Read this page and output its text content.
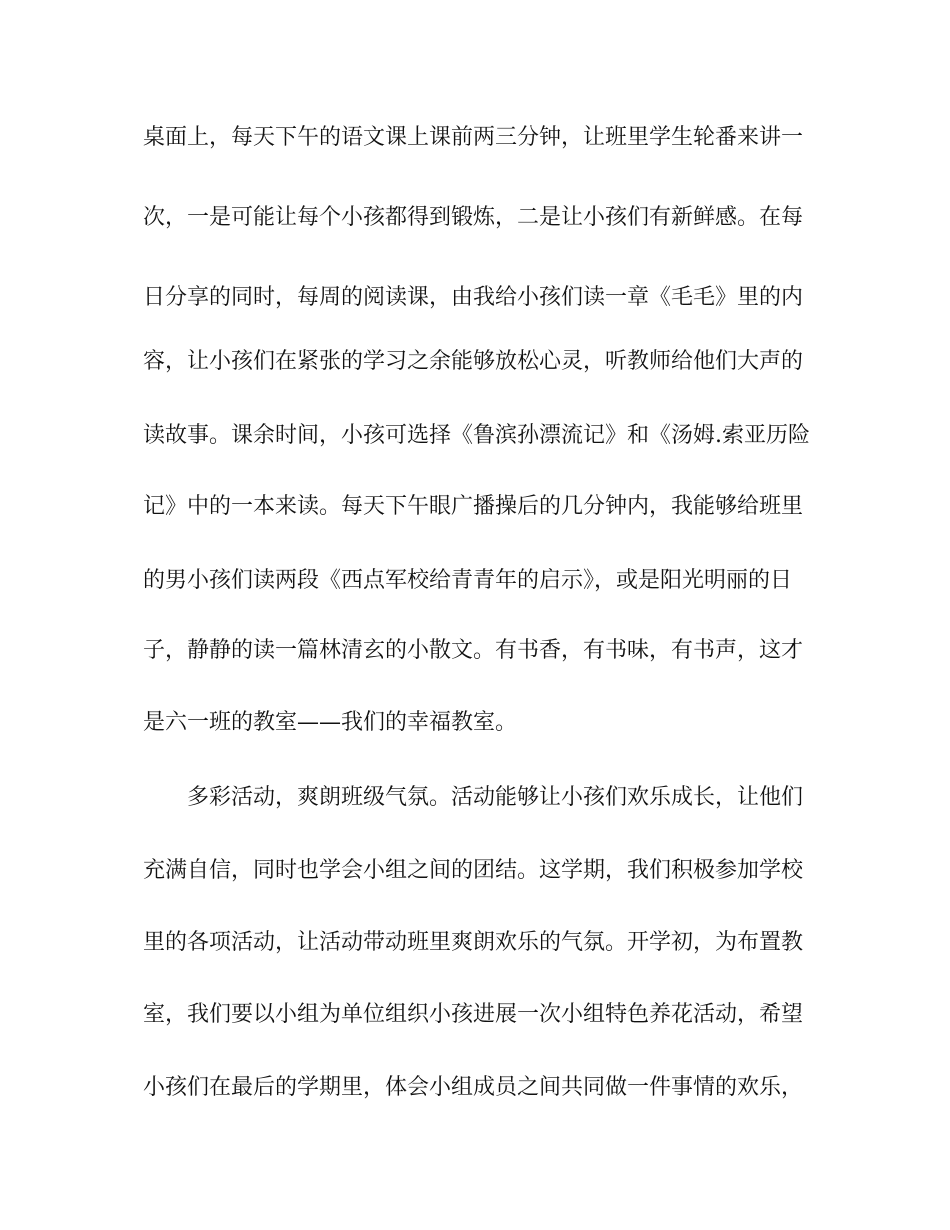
桌面上，每天下午的语文课上课前两三分钟，让班里学生轮番来讲一
次，一是可能让每个小孩都得到锻炼，二是让小孩们有新鲜感。在每
日分享的同时，每周的阅读课，由我给小孩们读一章《毛毛》里的内
容，让小孩们在紧张的学习之余能够放松心灵，听教师给他们大声的
读故事。课余时间，小孩可选择《鲁滨孙漂流记》和《汤姆.索亚历险
记》中的一本来读。每天下午眼广播操后的几分钟内，我能够给班里
的男小孩们读两段《西点军校给青青年的启示》，或是阳光明丽的日
子，静静的读一篇林清玄的小散文。有书香，有书味，有书声，这才
是六一班的教室——我们的幸福教室。
多彩活动，爽朗班级气氛。活动能够让小孩们欢乐成长，让他们
充满自信，同时也学会小组之间的团结。这学期，我们积极参加学校
里的各项活动，让活动带动班里爽朗欢乐的气氛。开学初，为布置教
室，我们要以小组为单位组织小孩进展一次小组特色养花活动，希望
小孩们在最后的学期里，体会小组成员之间共同做一件事情的欢乐，
